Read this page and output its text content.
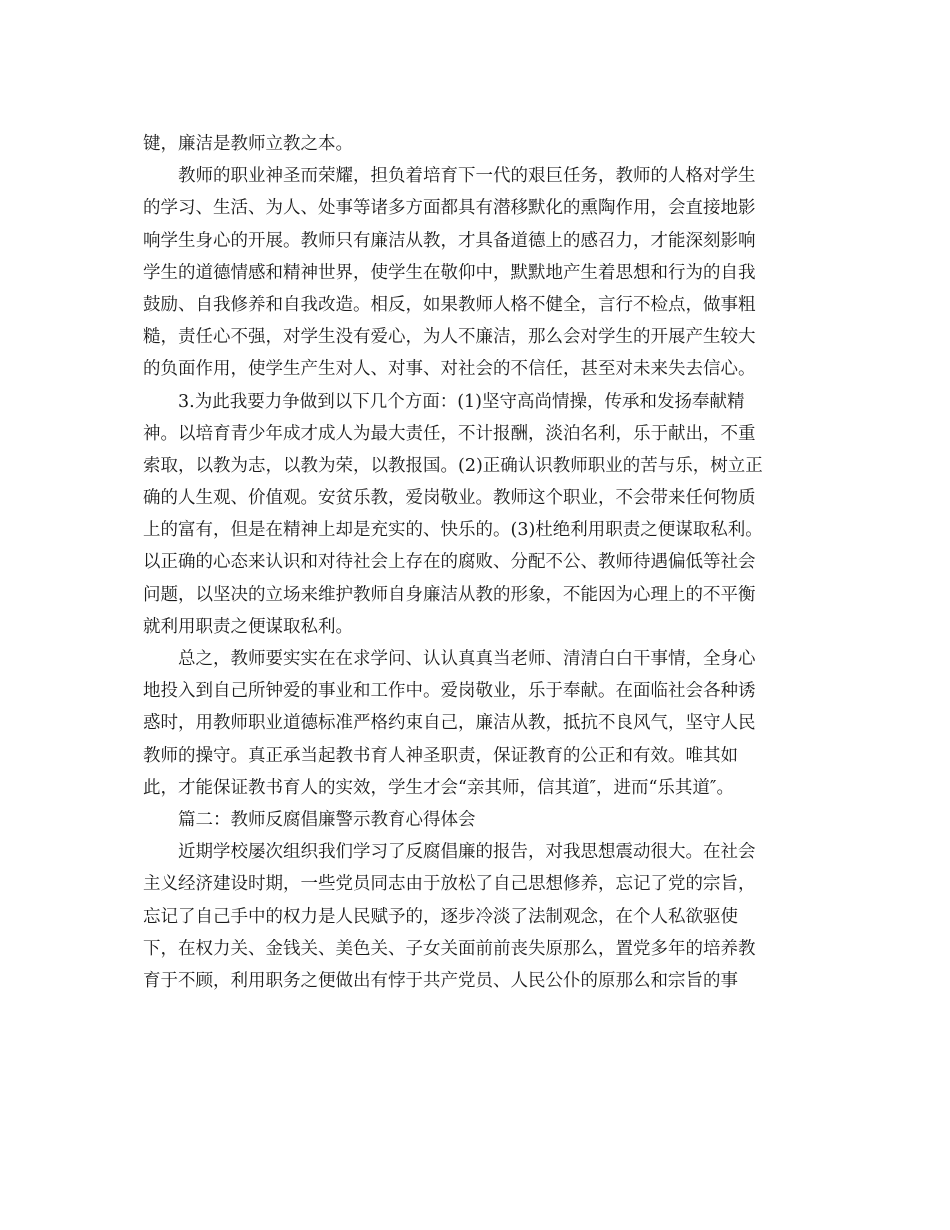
键，廉洁是教师立教之本。
教师的职业神圣而荣耀，担负着培育下一代的艰巨任务，教师的人格对学生
的学习、生活、为人、处事等诸多方面都具有潜移默化的熏陶作用，会直接地影
响学生身心的开展。教师只有廉洁从教，才具备道德上的感召力，才能深刻影响
学生的道德情感和精神世界，使学生在敬仰中，默默地产生着思想和行为的自我
鼓励、自我修养和自我改造。相反，如果教师人格不健全，言行不检点，做事粗
糙，责任心不强，对学生没有爱心，为人不廉洁，那么会对学生的开展产生较大
的负面作用，使学生产生对人、对事、对社会的不信任，甚至对未来失去信心。
3.为此我要力争做到以下几个方面：(1)坚守高尚情操，传承和发扬奉献精
神。以培育青少年成才成人为最大责任，不计报酬，淡泊名利，乐于献出，不重
索取，以教为志，以教为荣，以教报国。(2)正确认识教师职业的苦与乐，树立正
确的人生观、价值观。安贫乐教，爱岗敬业。教师这个职业，不会带来任何物质
上的富有，但是在精神上却是充实的、快乐的。(3)杜绝利用职责之便谋取私利。
以正确的心态来认识和对待社会上存在的腐败、分配不公、教师待遇偏低等社会
问题，以坚决的立场来维护教师自身廉洁从教的形象，不能因为心理上的不平衡
就利用职责之便谋取私利。
总之，教师要实实在在求学问、认认真真当老师、清清白白干事情，全身心
地投入到自己所钟爱的事业和工作中。爱岗敬业，乐于奉献。在面临社会各种诱
惑时，用教师职业道德标准严格约束自己，廉洁从教，抵抗不良风气，坚守人民
教师的操守。真正承当起教书育人神圣职责，保证教育的公正和有效。唯其如
此，才能保证教书育人的实效，学生才会“亲其师，信其道″，进而“乐其道″。
篇二：教师反腐倡廉警示教育心得体会
近期学校屡次组织我们学习了反腐倡廉的报告，对我思想震动很大。在社会
主义经济建设时期，一些党员同志由于放松了自己思想修养，忘记了党的宗旨，
忘记了自己手中的权力是人民赋予的，逐步冷淡了法制观念，在个人私欲驱使
下，在权力关、金钱关、美色关、子女关面前前丧失原那么，置党多年的培养教
育于不顾，利用职务之便做出有悖于共产党员、人民公仆的原那么和宗旨的事
